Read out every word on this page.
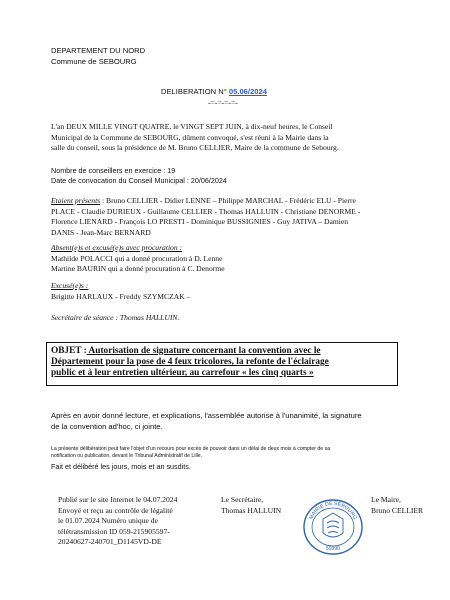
DEPARTEMENT DU NORD
Commune de SEBOURG
DELIBERATION N° 05.06/2024
-=-=-=-=-
L'an DEUX MILLE VINGT QUATRE, le VINGT SEPT JUIN, à dix-neuf heures, le Conseil
Municipal de la Commune de SEBOURG, dûment convoqué, s'est réuni à la Mairie dans la
salle du conseil, sous la présidence de M. Bruno CELLIER, Maire de la commune de Sebourg.
Nombre de conseillers en exercice : 19
Date de convocation du Conseil Municipal : 20/06/2024
Etaient présents : Bruno CELLIER - Didier LENNE – Philippe MARCHAL - Frédéric ELU - Pierre
PLACE - Claudie DURIEUX - Guillaume CELLIER - Thomas HALLUIN - Christiane DENORME -
Florence LIENARD - François LO PRESTI - Dominique BUSSIGNIES - Guy JATIVA – Damien
DANIS - Jean-Marc BERNARD
Absent(e)s et excusé(e)s avec procuration :
Mathilde POLACCI qui a donné procuration à D. Lenne
Martine BAURIN qui a donné procuration à C. Denorme
Excusé(e)s :
Brigitte HARLAUX - Freddy SZYMCZAK –
Secrétaire de séance : Thomas HALLUIN.
OBJET : Autorisation de signature concernant la convention avec le
Département pour la pose de 4 feux tricolores, la refonte de l'éclairage
public et à leur entretien ultérieur, au carrefour « les cinq quarts »
Après en avoir donné lecture, et explications, l'assemblée autorise à l'unanimité, la signature
de la convention ad'hoc, ci jointe.
La présente délibération peut faire l'objet d'un recours pour excès de pouvoir dans un délai de deux mois à compter de sa
notification ou publication, devant le Tribunal Administratif de Lille.
Fait et délibéré les jours, mois et an susdits.
Publié sur le site Internet le 04.07.2024
Envoyé et reçu au contrôle de légalité
le 01.07.2024 Numéro unique de
télétransmission ID 059-215905597-
20240627-240701_D1145VD-DE
Le Secrétaire,
Thomas HALLUIN
MAIRIE DE SEBOURG
59990
Le Maire,
Bruno CELLIER
